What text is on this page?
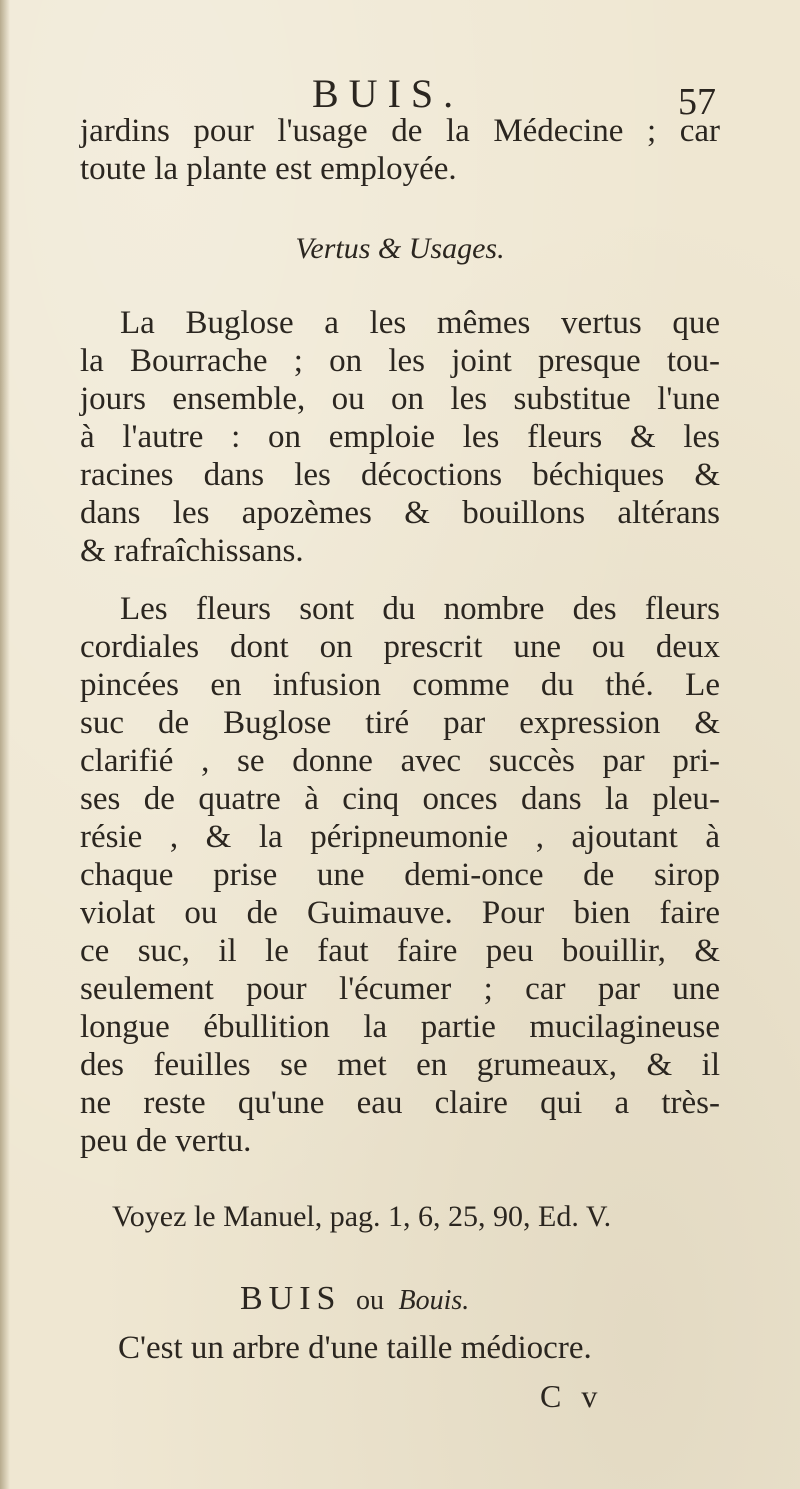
BUIS.	57
jardins pour l'usage de la Médecine ; car
toute la plante est employée.
Vertus & Usages.
La Buglose a les mêmes vertus que
la Bourrache ; on les joint presque tou-
jours ensemble, ou on les substitue l'une
à l'autre : on emploie les fleurs & les
racines dans les décoctions béchiques &
dans les apozèmes & bouillons altérans
& rafraîchissans.
Les fleurs sont du nombre des fleurs
cordiales dont on prescrit une ou deux
pincées en infusion comme du thé. Le
suc de Buglose tiré par expression &
clarifié , se donne avec succès par pri-
ses de quatre à cinq onces dans la pleu-
résie , & la péripneumonie , ajoutant à
chaque prise une demi-once de sirop
violat ou de Guimauve. Pour bien faire
ce suc, il le faut faire peu bouillir, &
seulement pour l'écumer ; car par une
longue ébullition la partie mucilagineuse
des feuilles se met en grumeaux, & il
ne reste qu'une eau claire qui a très-
peu de vertu.
Voyez le Manuel, pag. 1, 6, 25, 90, Ed. V.
BUIS ou Bouis.
C'est un arbre d'une taille médiocre.
C v
